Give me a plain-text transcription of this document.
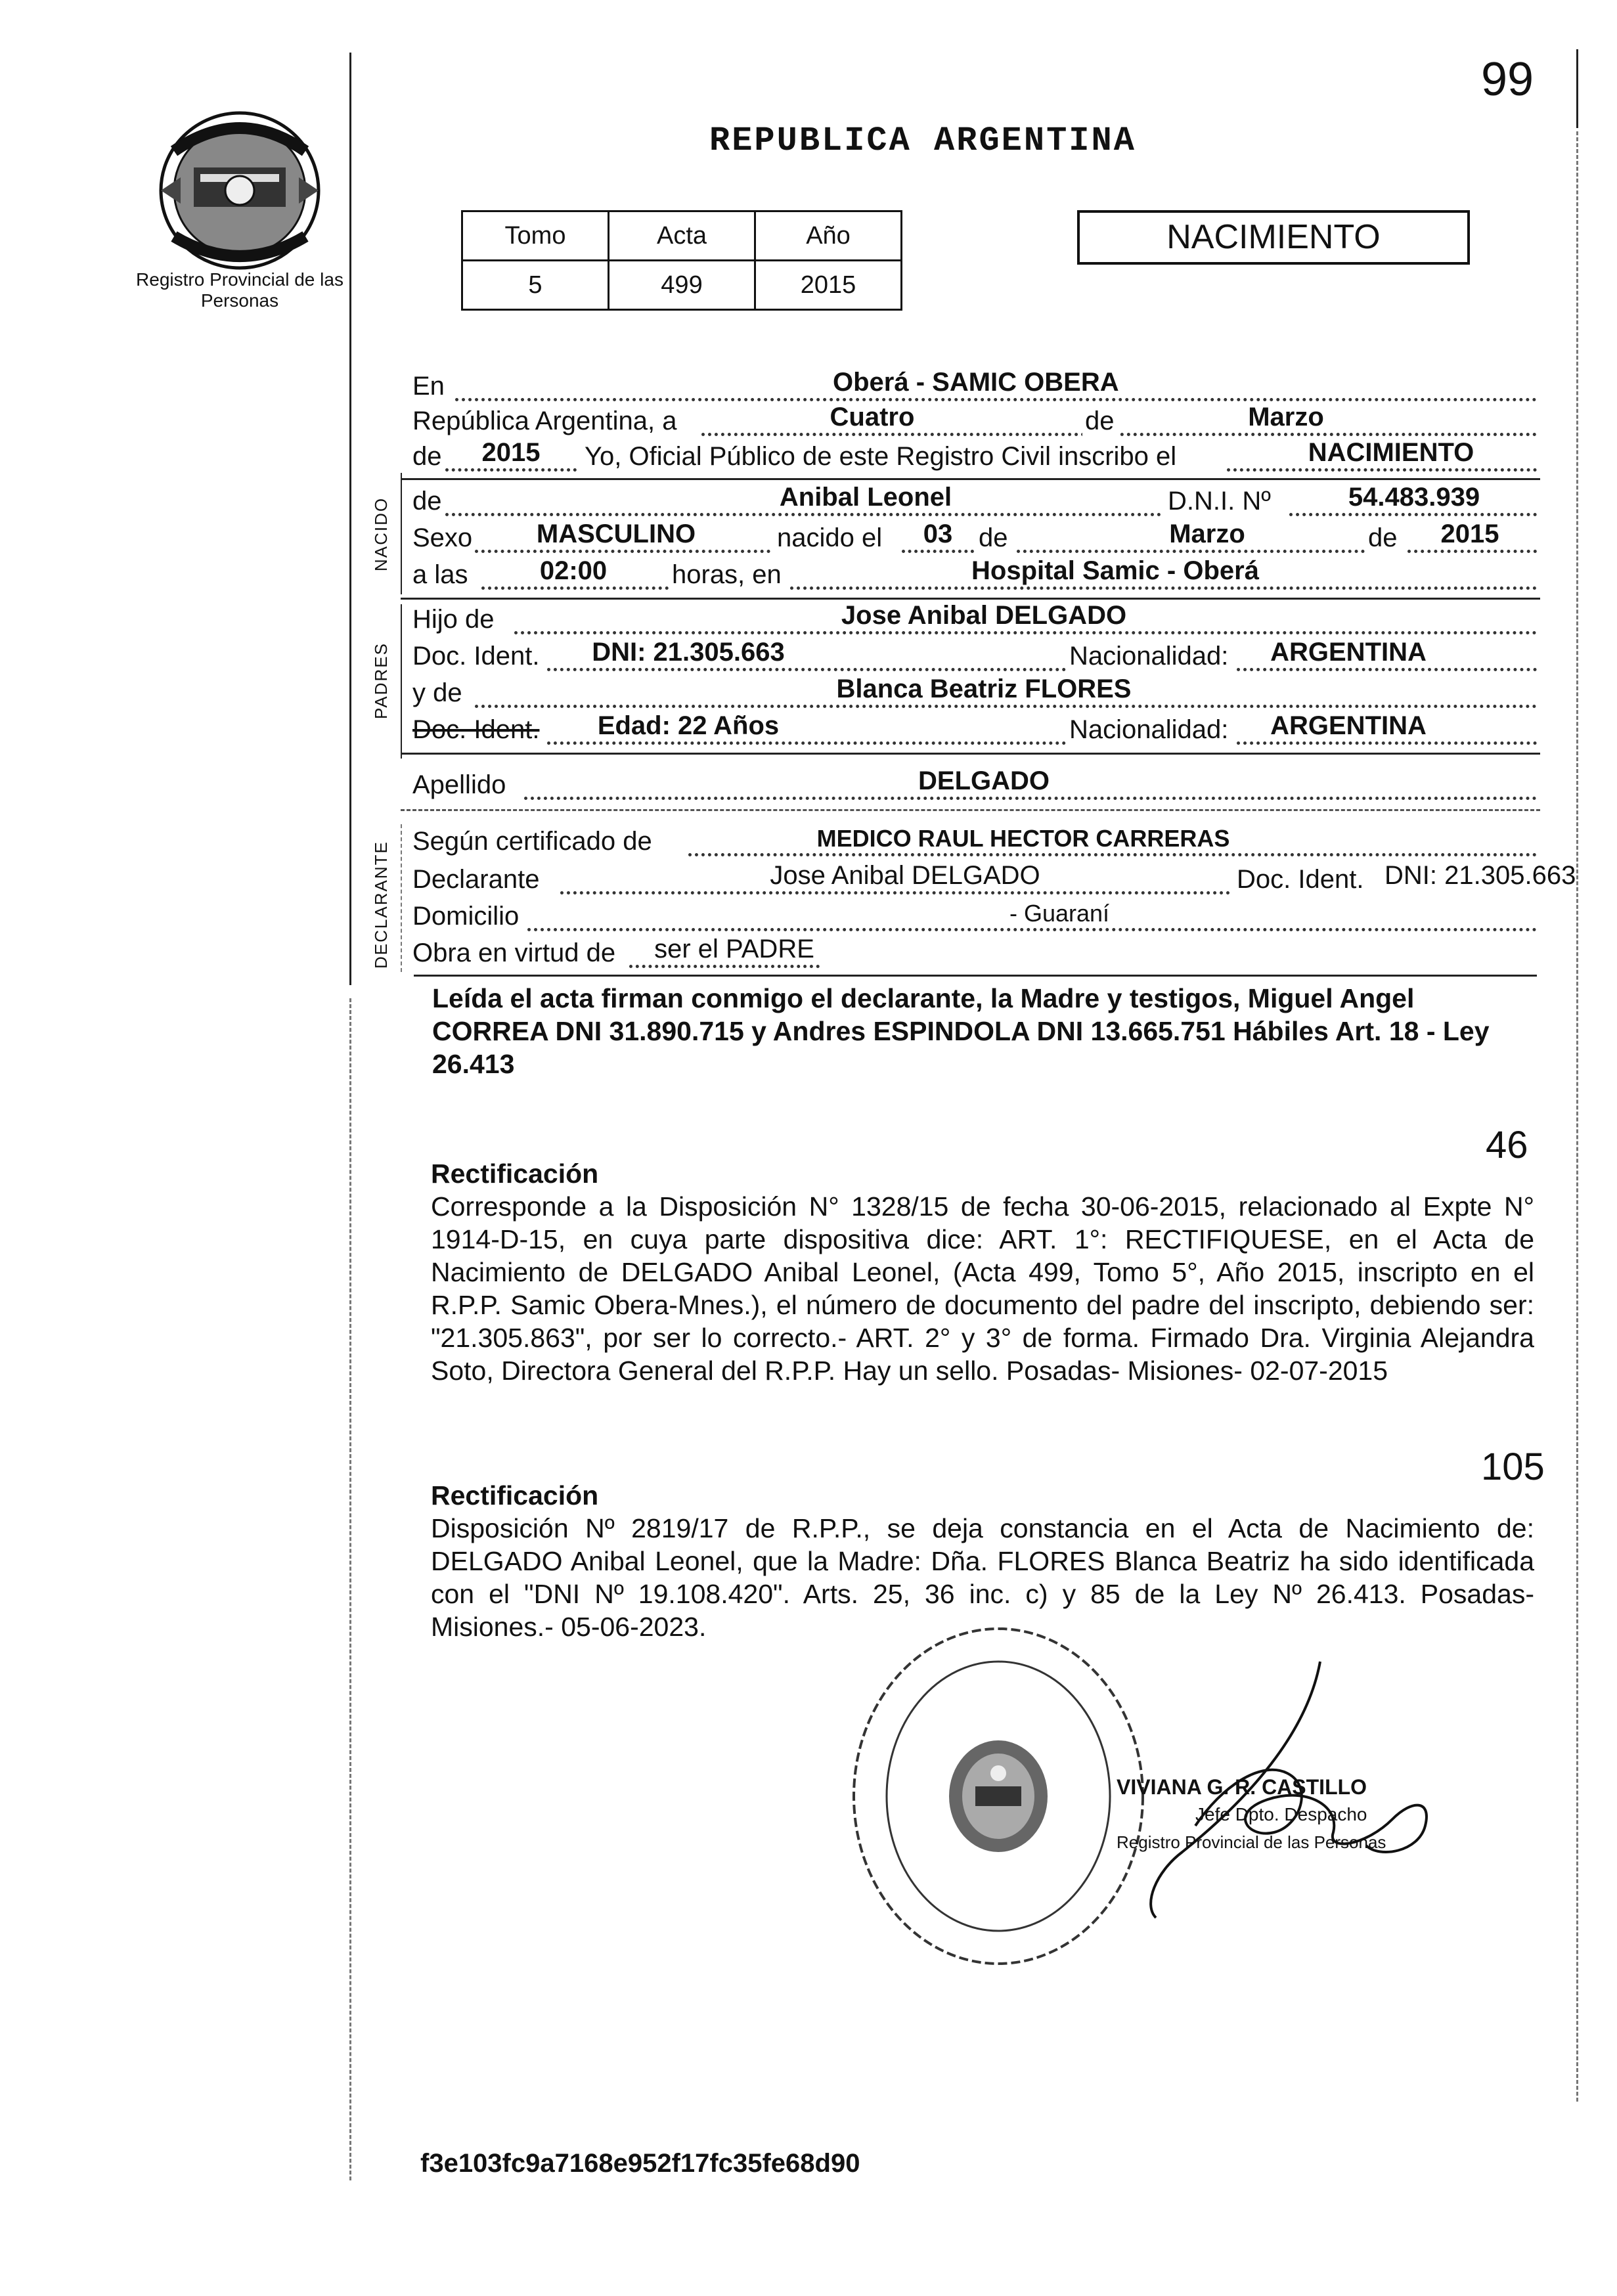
99
REPUBLICA ARGENTINA
Registro Provincial de las Personas
Tomo	Acta	Año
5	499	2015
NACIMIENTO
NACIDO
PADRES
DECLARANTE
En	Oberá - SAMIC OBERA
República Argentina, a	Cuatro	de	Marzo
de	2015	Yo, Oficial Público de este Registro Civil inscribo el	NACIMIENTO
de	Anibal Leonel	D.N.I. Nº	54.483.939
Sexo	MASCULINO	nacido el	03 de	Marzo	de	2015
a las	02:00	horas, en	Hospital Samic - Oberá
Hijo de	Jose Anibal DELGADO
Doc. Ident.	DNI: 21.305.663	Nacionalidad:	ARGENTINA
y de	Blanca Beatriz FLORES
Doc. Ident.	Edad: 22 Años	Nacionalidad:	ARGENTINA
Apellido	DELGADO
Según certificado de	MEDICO RAUL HECTOR CARRERAS
Declarante	Jose Anibal DELGADO	Doc. Ident. DNI: 21.305.663
Domicilio	- Guaraní
Obra en virtud de	ser el PADRE
Leída el acta firman conmigo el declarante, la Madre y testigos, Miguel Angel CORREA DNI 31.890.715 y Andres ESPINDOLA DNI 13.665.751 Hábiles Art. 18 - Ley 26.413
46
Rectificación
Corresponde a la Disposición N° 1328/15 de fecha 30-06-2015, relacionado al Expte N° 1914-D-15, en cuya parte dispositiva dice: ART. 1°: RECTIFIQUESE, en el Acta de Nacimiento de DELGADO Anibal Leonel, (Acta 499, Tomo 5°, Año 2015, inscripto en el R.P.P. Samic Obera-Mnes.), el número de documento del padre del inscripto, debiendo ser: "21.305.863", por ser lo correcto.- ART. 2° y 3° de forma. Firmado Dra. Virginia Alejandra Soto, Directora General del R.P.P. Hay un sello. Posadas- Misiones- 02-07-2015
105
Rectificación
Disposición Nº 2819/17 de R.P.P., se deja constancia en el Acta de Nacimiento de: DELGADO Anibal Leonel, que la Madre: Dña. FLORES Blanca Beatriz ha sido identificada con el "DNI Nº 19.108.420". Arts. 25, 36 inc. c) y 85 de la Ley Nº 26.413. Posadas- Misiones.- 05-06-2023.
VIVIANA G. R. CASTILLO
Jefe Dpto. Despacho
Registro Provincial de las Personas
f3e103fc9a7168e952f17fc35fe68d90
